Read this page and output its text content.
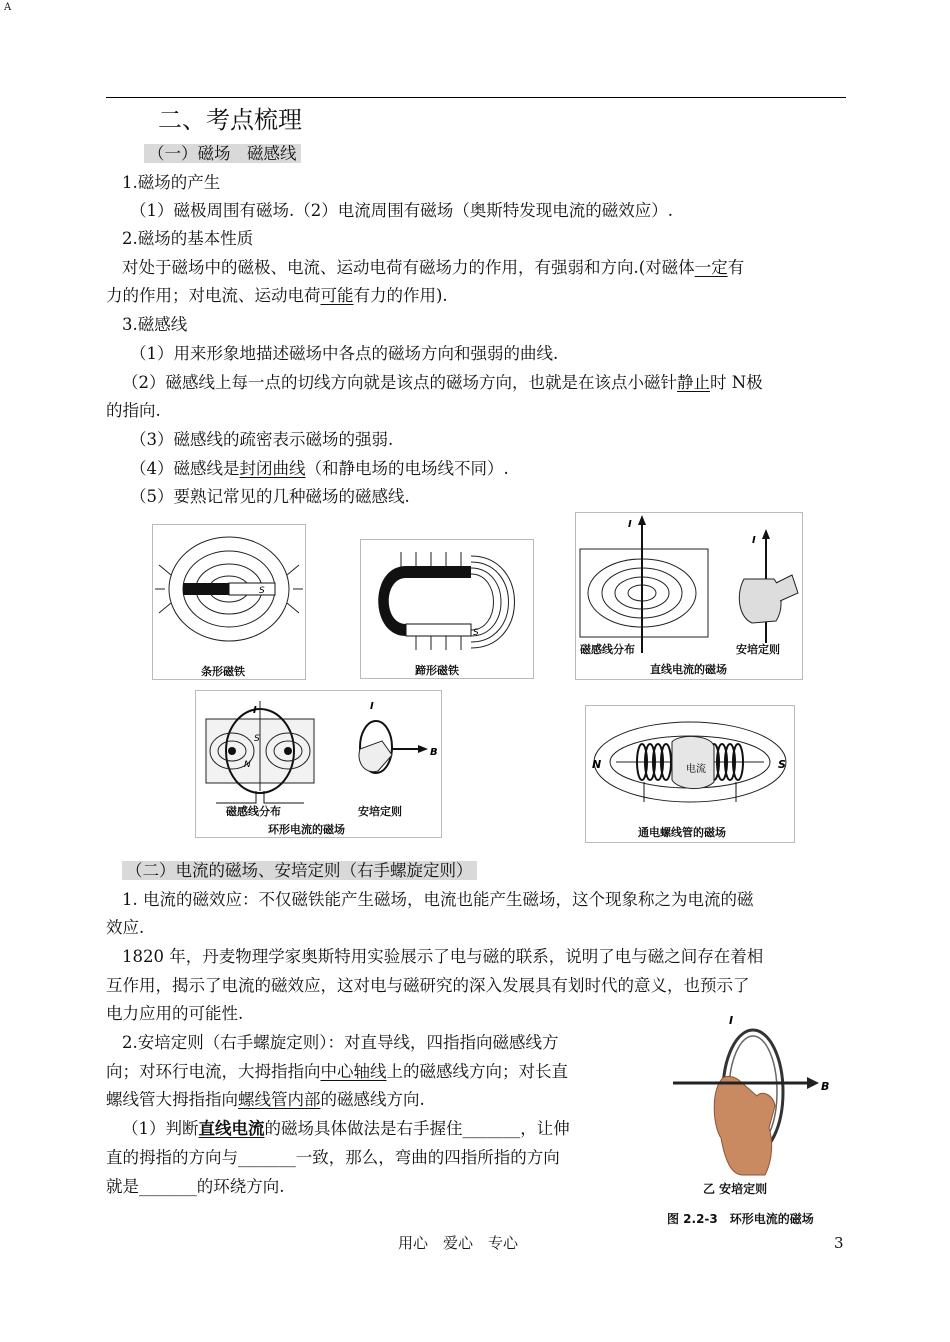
A
二、考点梳理
（一）磁场　磁感线
1.磁场的产生
（1）磁极周围有磁场.（2）电流周围有磁场（奥斯特发现电流的磁效应）.
2.磁场的基本性质
对处于磁场中的磁极、电流、运动电荷有磁场力的作用，有强弱和方向.(对磁体一定有
力的作用；对电流、运动电荷可能有力的作用).
3.磁感线
（1）用来形象地描述磁场中各点的磁场方向和强弱的曲线.
（2）磁感线上每一点的切线方向就是该点的磁场方向，也就是在该点小磁针静止时 N极
的指向.
（3）磁感线的疏密表示磁场的强弱.
（4）磁感线是封闭曲线（和静电场的电场线不同）.
（5）要熟记常见的几种磁场的磁感线.
S
条形磁铁
S
蹄形磁铁
I
I
磁感线分布	安培定则
直线电流的磁场
I
S
N
B
I
磁感线分布	安培定则
环形电流的磁场
电流
N	S
通电螺线管的磁场
（二）电流的磁场、安培定则（右手螺旋定则）
1. 电流的磁效应：不仅磁铁能产生磁场，电流也能产生磁场，这个现象称之为电流的磁
效应.
1820 年，丹麦物理学家奥斯特用实验展示了电与磁的联系，说明了电与磁之间存在着相
互作用，揭示了电流的磁效应，这对电与磁研究的深入发展具有划时代的意义，也预示了
电力应用的可能性.
2.安培定则（右手螺旋定则）：对直导线，四指指向磁感线方
向；对环行电流，大拇指指向中心轴线上的磁感线方向；对长直
螺线管大拇指指向螺线管内部的磁感线方向.
（1）判断直线电流的磁场具体做法是右手握住_______，让伸
直的拇指的方向与_______一致，那么，弯曲的四指所指的方向
就是_______的环绕方向.
I
B
乙 安培定则
图 2.2-3　环形电流的磁场
用心　爱心　专心	3
